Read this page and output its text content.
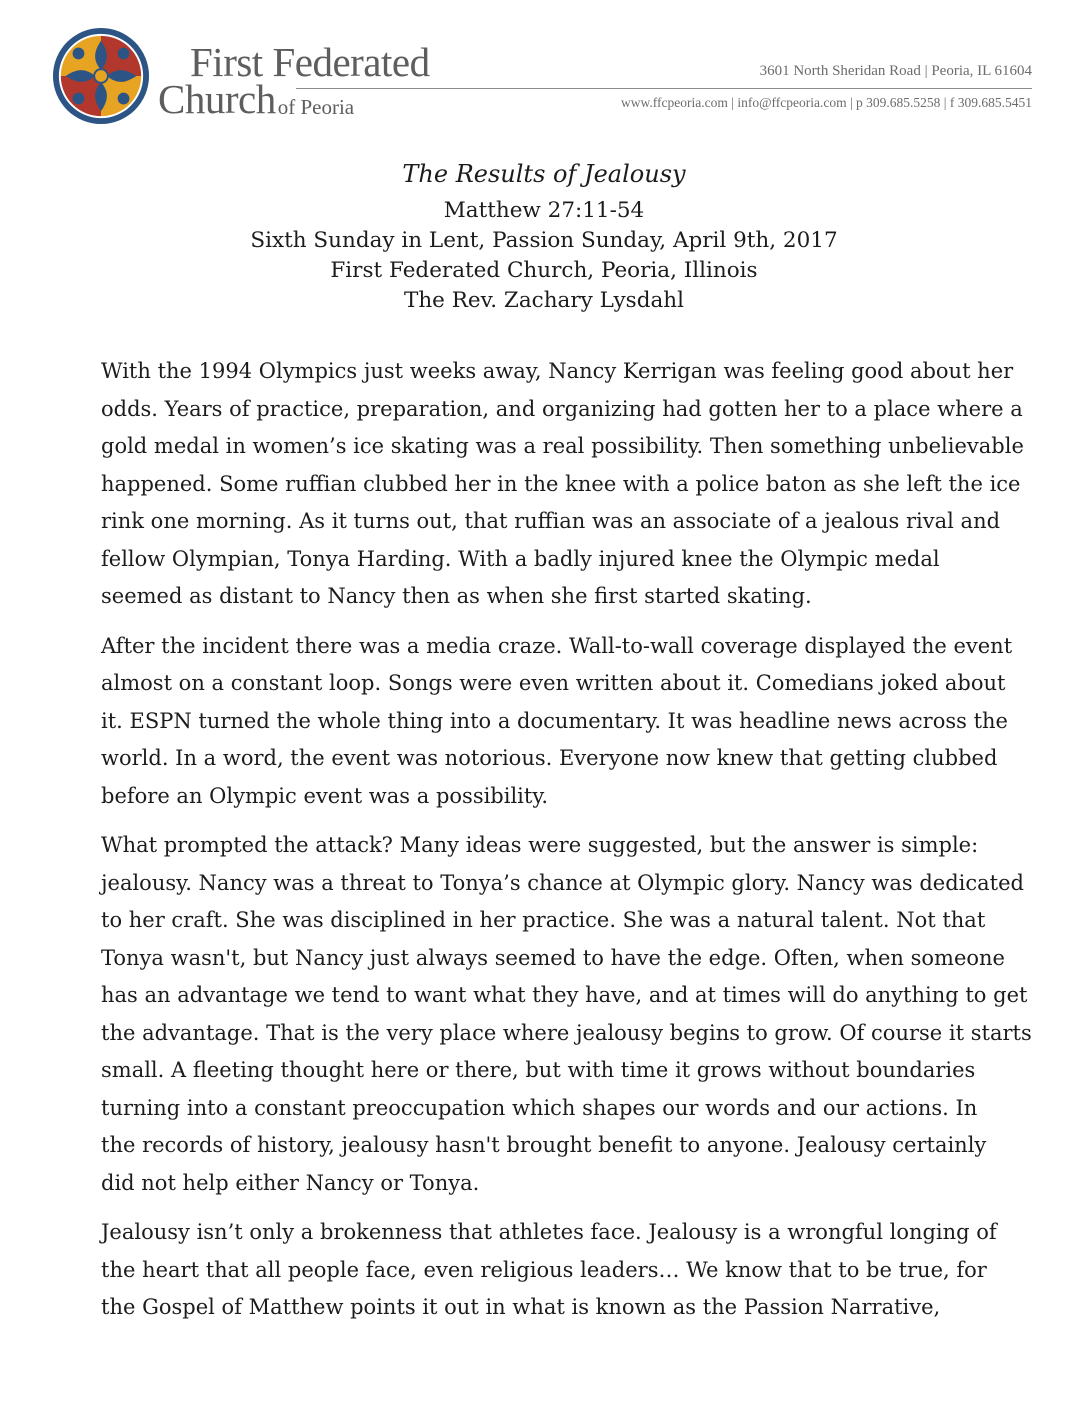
First Federated
Church$^{of Peoria}$
3601 North Sheridan Road | Peoria, IL 61604
www.ffcpeoria.com | info@ffcpeoria.com | p 309.685.5258 | f 309.685.5451
The Results of Jealousy
Matthew 27:11-54
Sixth Sunday in Lent, Passion Sunday, April 9th, 2017
First Federated Church, Peoria, Illinois
The Rev. Zachary Lysdahl
With the 1994 Olympics just weeks away, Nancy Kerrigan was feeling good about her
odds. Years of practice, preparation, and organizing had gotten her to a place where a
gold medal in women’s ice skating was a real possibility. Then something unbelievable
happened. Some ruffian clubbed her in the knee with a police baton as she left the ice
rink one morning. As it turns out, that ruffian was an associate of a jealous rival and
fellow Olympian, Tonya Harding. With a badly injured knee the Olympic medal
seemed as distant to Nancy then as when she first started skating.
After the incident there was a media craze. Wall-to-wall coverage displayed the event
almost on a constant loop. Songs were even written about it. Comedians joked about
it. ESPN turned the whole thing into a documentary. It was headline news across the
world. In a word, the event was notorious. Everyone now knew that getting clubbed
before an Olympic event was a possibility.
What prompted the attack? Many ideas were suggested, but the answer is simple:
jealousy. Nancy was a threat to Tonya’s chance at Olympic glory. Nancy was dedicated
to her craft. She was disciplined in her practice. She was a natural talent. Not that
Tonya wasn't, but Nancy just always seemed to have the edge. Often, when someone
has an advantage we tend to want what they have, and at times will do anything to get
the advantage. That is the very place where jealousy begins to grow. Of course it starts
small. A fleeting thought here or there, but with time it grows without boundaries
turning into a constant preoccupation which shapes our words and our actions. In
the records of history, jealousy hasn't brought benefit to anyone. Jealousy certainly
did not help either Nancy or Tonya.
Jealousy isn’t only a brokenness that athletes face. Jealousy is a wrongful longing of
the heart that all people face, even religious leaders… We know that to be true, for
the Gospel of Matthew points it out in what is known as the Passion Narrative,
